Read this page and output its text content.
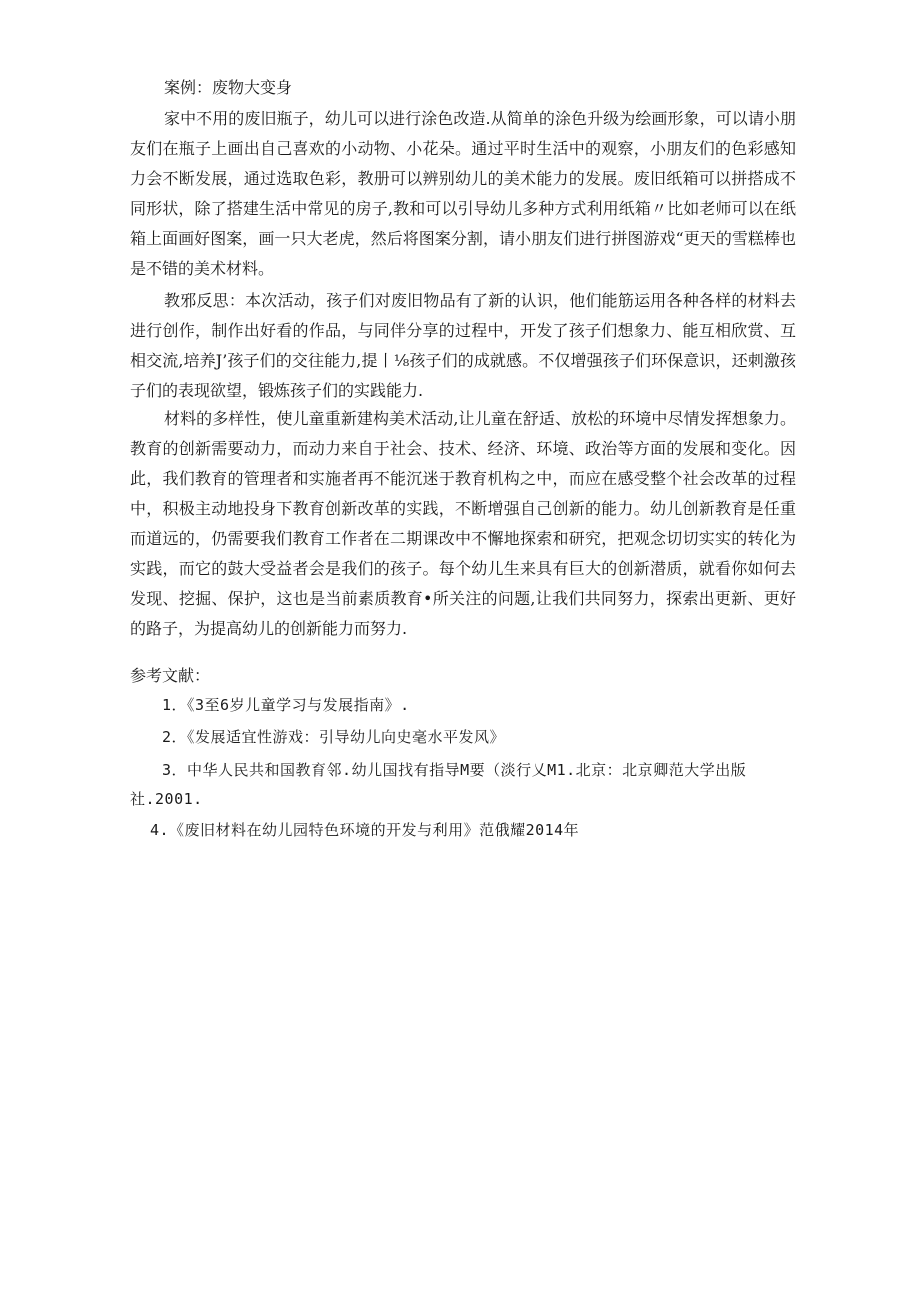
案例：废物大变身

家中不用的废旧瓶子，幼儿可以进行涂色改造.从简单的涂色升级为绘画形象，可以请小朋友们在瓶子上画出自己喜欢的小动物、小花朵。通过平时生活中的观察，小朋友们的色彩感知力会不断发展，通过选取色彩，教册可以辨别幼儿的美术能力的发展。废旧纸箱可以拼搭成不同形状，除了搭建生活中常见的房子,教和可以引导幼儿多种方式利用纸箱〃比如老师可以在纸箱上面画好图案，画一只大老虎，然后将图案分割，请小朋友们进行拼图游戏“更天的雪糕棒也是不错的美术材料。

教邪反思：本次活动，孩子们对废旧物品有了新的认识，他们能筋运用各种各样的材料去进行创作，制作出好看的作品，与同伴分享的过程中，开发了孩子们想象力、能互相欣赏、互相交流,培养J’孩子们的交往能力,提丨⅛孩子们的成就感。不仅增强孩子们环保意识，还刺激孩子们的表现欲望，锻炼孩子们的实践能力.

材料的多样性，使儿童重新建构美术活动,让儿童在舒适、放松的环境中尽情发挥想象力。教育的创新需要动力，而动力来自于社会、技术、经济、环境、政治等方面的发展和变化。因此，我们教育的管理者和实施者再不能沉迷于教育机构之中，而应在感受整个社会改革的过程中，积极主动地投身下教育创新改革的实践，不断增强自己创新的能力。幼儿创新教育是任重而道远的，仍需要我们教育工作者在二期课改中不懈地探索和研究，把观念切切实实的转化为实践，而它的鼓大受益者会是我们的孩子。每个幼儿生来具有巨大的创新潜质，就看你如何去发现、挖掘、保护，这也是当前素质教育•所关注的问题,让我们共同努力，探索出更新、更好的路子，为提高幼儿的创新能力而努力.

参考文献：
1．《3至6岁儿童学习与发展指南》.
2．《发展适宜性游戏：引导幼儿向史毫水平发风》
3．中华人民共和国教育邻.幼儿国找有指导M要（淡行乂M1.北京：北京卿范大学出版
社.2001.
4.《废旧材料在幼儿园特色环境的开发与利用》范俄耀2014年
